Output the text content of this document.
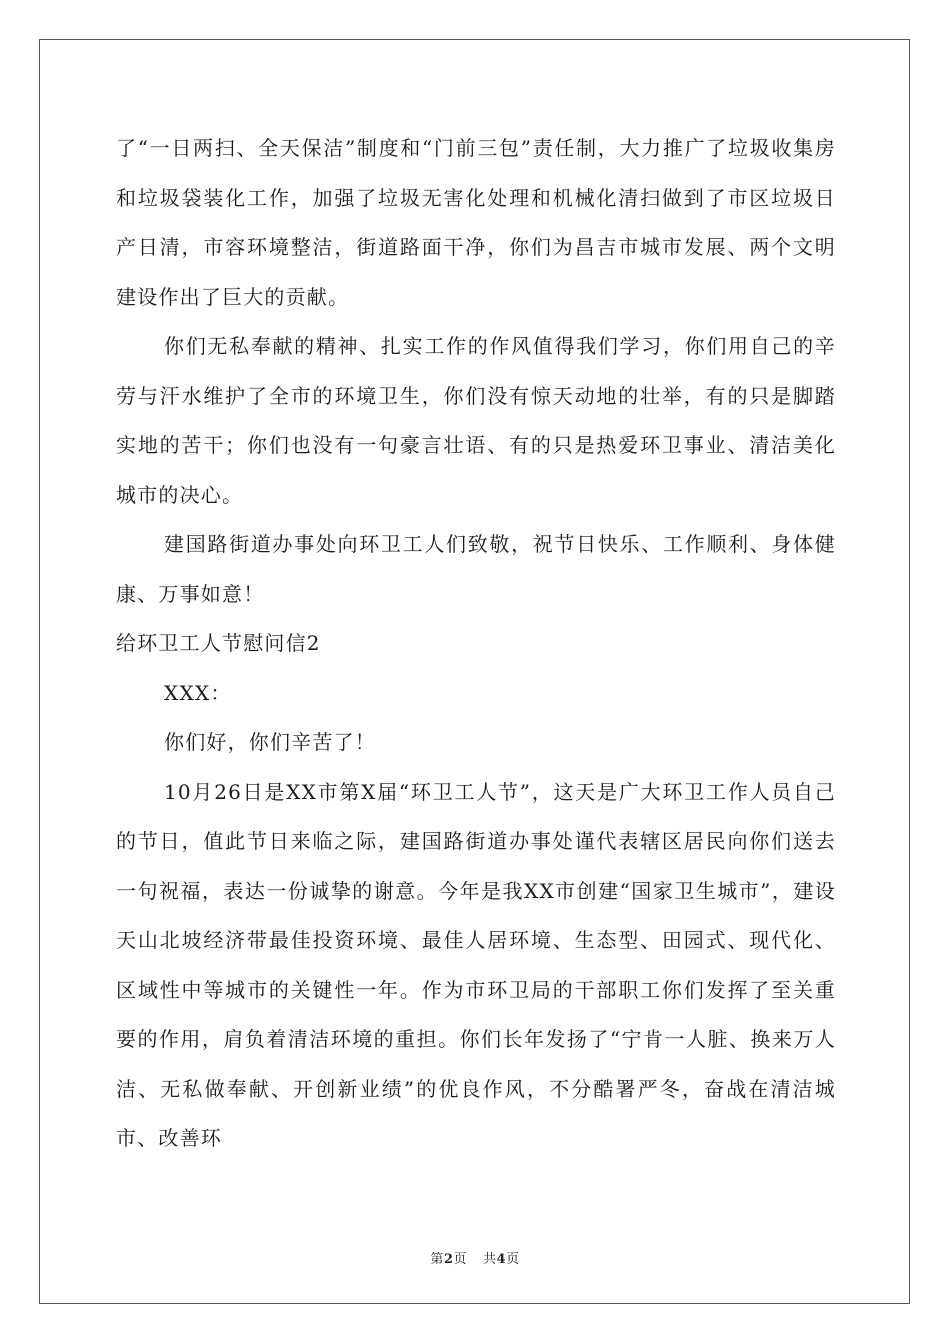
了“一日两扫、全天保洁”制度和“门前三包”责任制，大力推广了垃圾收集房和垃圾袋装化工作，加强了垃圾无害化处理和机械化清扫做到了市区垃圾日产日清，市容环境整洁，街道路面干净，你们为昌吉市城市发展、两个文明建设作出了巨大的贡献。

你们无私奉献的精神、扎实工作的作风值得我们学习，你们用自己的辛劳与汗水维护了全市的环境卫生，你们没有惊天动地的壮举，有的只是脚踏实地的苦干；你们也没有一句豪言壮语、有的只是热爱环卫事业、清洁美化城市的决心。

建国路街道办事处向环卫工人们致敬，祝节日快乐、工作顺利、身体健康、万事如意！

给环卫工人节慰问信2

XXX：

你们好，你们辛苦了！

10月26日是XX市第X届“环卫工人节”，这天是广大环卫工作人员自己的节日，值此节日来临之际，建国路街道办事处谨代表辖区居民向你们送去一句祝福，表达一份诚挚的谢意。今年是我XX市创建“国家卫生城市”，建设天山北坡经济带最佳投资环境、最佳人居环境、生态型、田园式、现代化、区域性中等城市的关键性一年。作为市环卫局的干部职工你们发挥了至关重要的作用，肩负着清洁环境的重担。你们长年发扬了“宁肯一人脏、换来万人洁、无私做奉献、开创新业绩”的优良作风，不分酷署严冬，奋战在清洁城市、改善环

第2页 共4页
